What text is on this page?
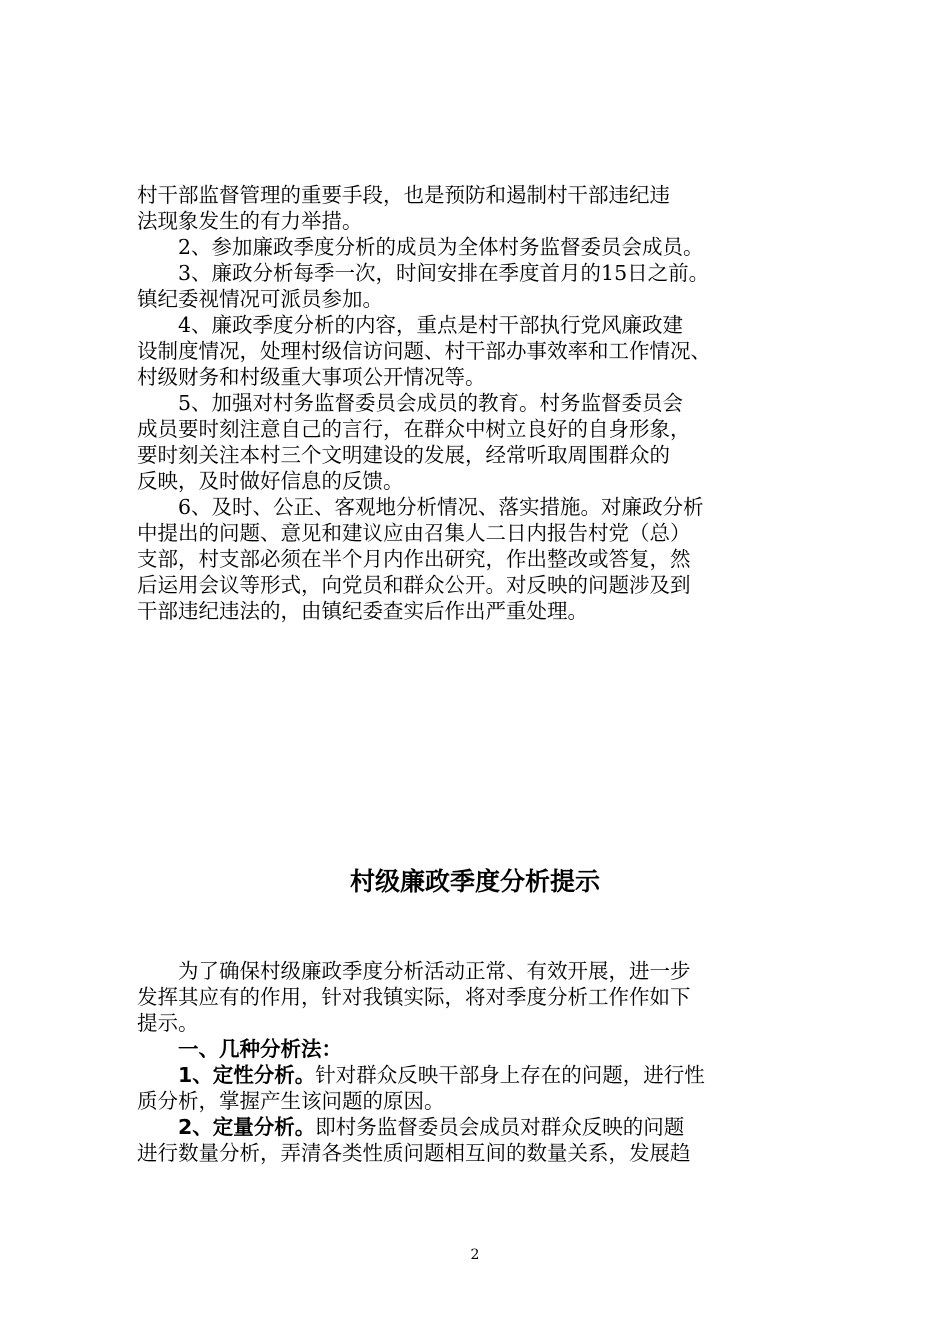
村干部监督管理的重要手段，也是预防和遏制村干部违纪违

法现象发生的有力举措。

2、参加廉政季度分析的成员为全体村务监督委员会成员。

3、廉政分析每季一次，时间安排在季度首月的15日之前。

镇纪委视情况可派员参加。

4、廉政季度分析的内容，重点是村干部执行党风廉政建

设制度情况，处理村级信访问题、村干部办事效率和工作情况、

村级财务和村级重大事项公开情况等。

5、加强对村务监督委员会成员的教育。村务监督委员会

成员要时刻注意自己的言行，在群众中树立良好的自身形象，

要时刻关注本村三个文明建设的发展，经常听取周围群众的

反映，及时做好信息的反馈。

6、及时、公正、客观地分析情况、落实措施。对廉政分析

中提出的问题、意见和建议应由召集人二日内报告村党（总）

支部，村支部必须在半个月内作出研究，作出整改或答复，然

后运用会议等形式，向党员和群众公开。对反映的问题涉及到

干部违纪违法的，由镇纪委查实后作出严重处理。

村级廉政季度分析提示

为了确保村级廉政季度分析活动正常、有效开展，进一步

发挥其应有的作用，针对我镇实际，将对季度分析工作作如下

提示。

一、几种分析法：

1、定性分析。针对群众反映干部身上存在的问题，进行性

质分析，掌握产生该问题的原因。

2、定量分析。即村务监督委员会成员对群众反映的问题

进行数量分析，弄清各类性质问题相互间的数量关系，发展趋

2
